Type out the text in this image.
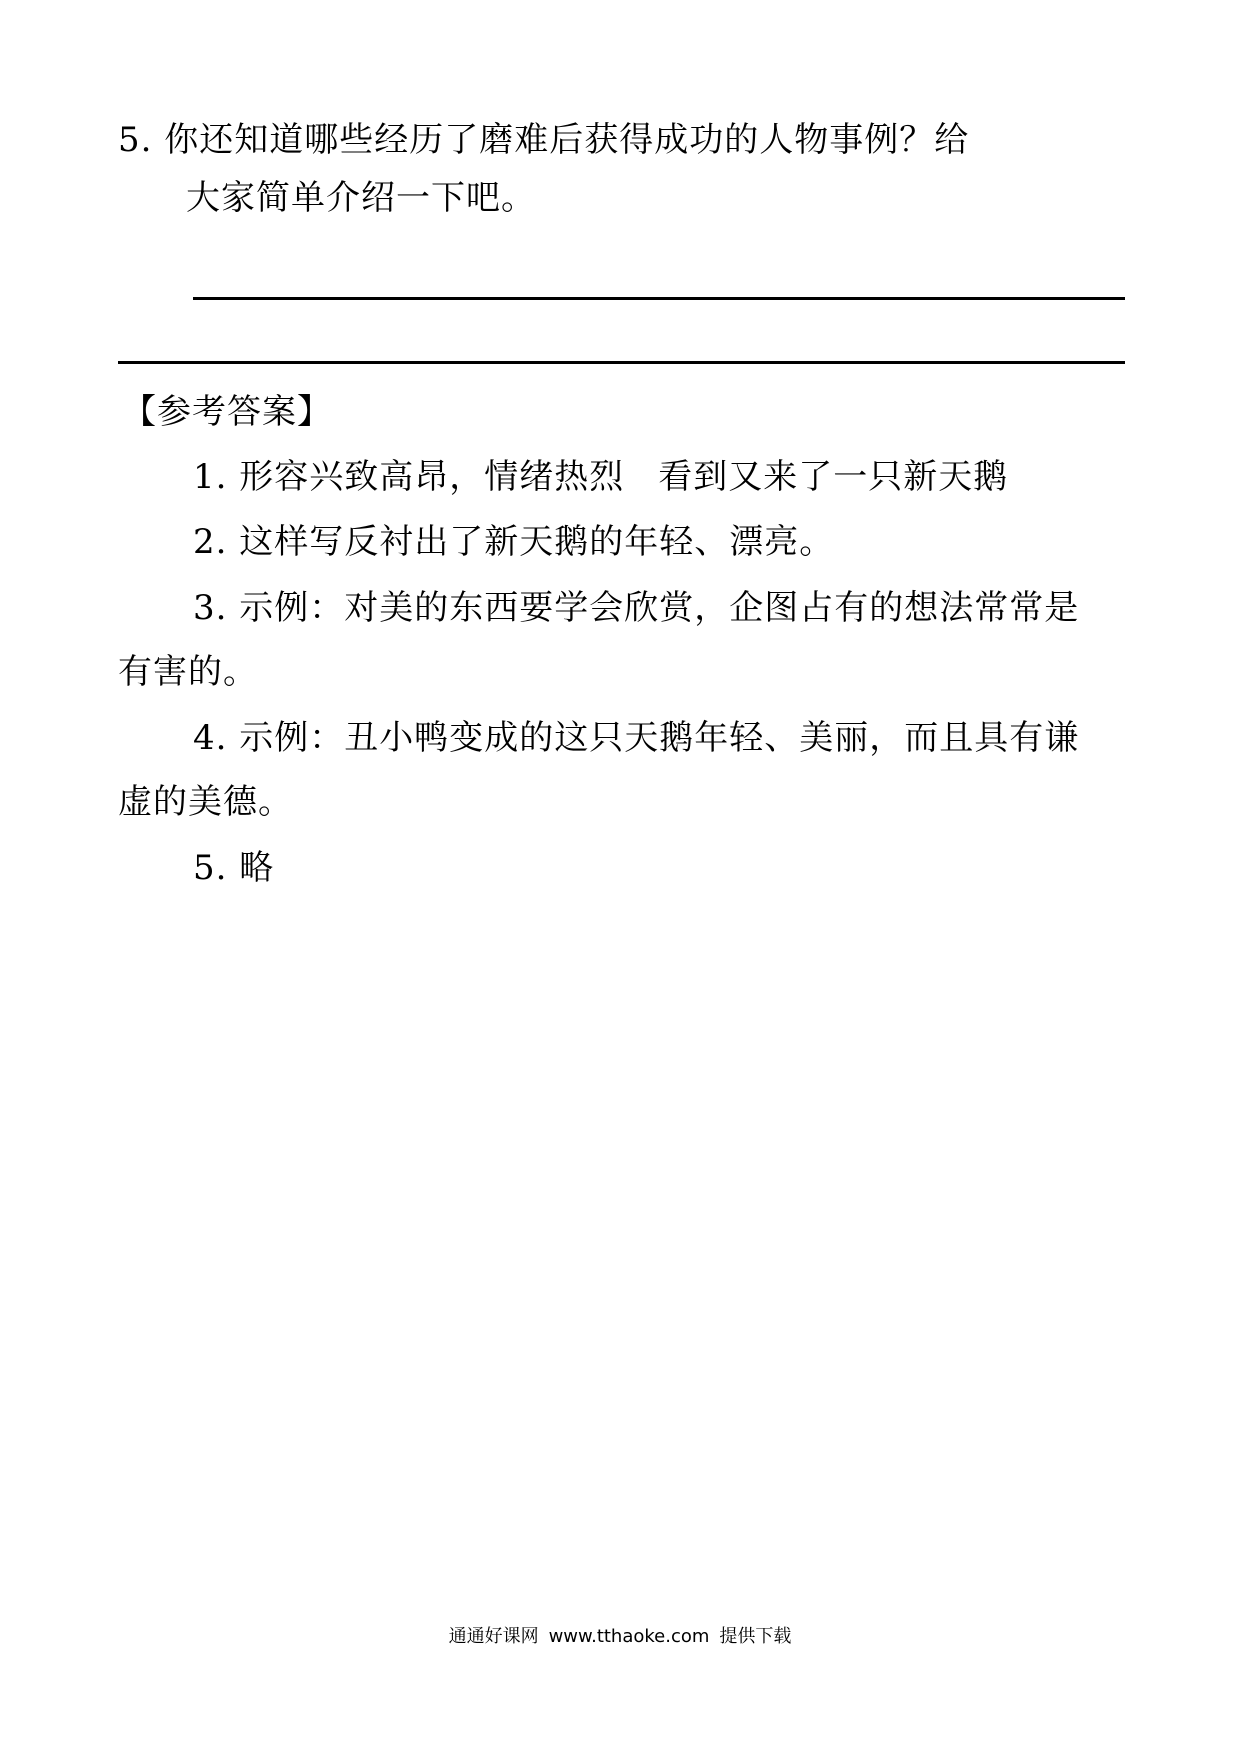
5. 你还知道哪些经历了磨难后获得成功的人物事例？给
大家简单介绍一下吧。
【参考答案】
1. 形容兴致高昂，情绪热烈 看到又来了一只新天鹅
2. 这样写反衬出了新天鹅的年轻、漂亮。
3. 示例：对美的东西要学会欣赏，企图占有的想法常常是
有害的。
4. 示例：丑小鸭变成的这只天鹅年轻、美丽，而且具有谦
虚的美德。
5. 略
通通好课网 www.tthaoke.com 提供下载
